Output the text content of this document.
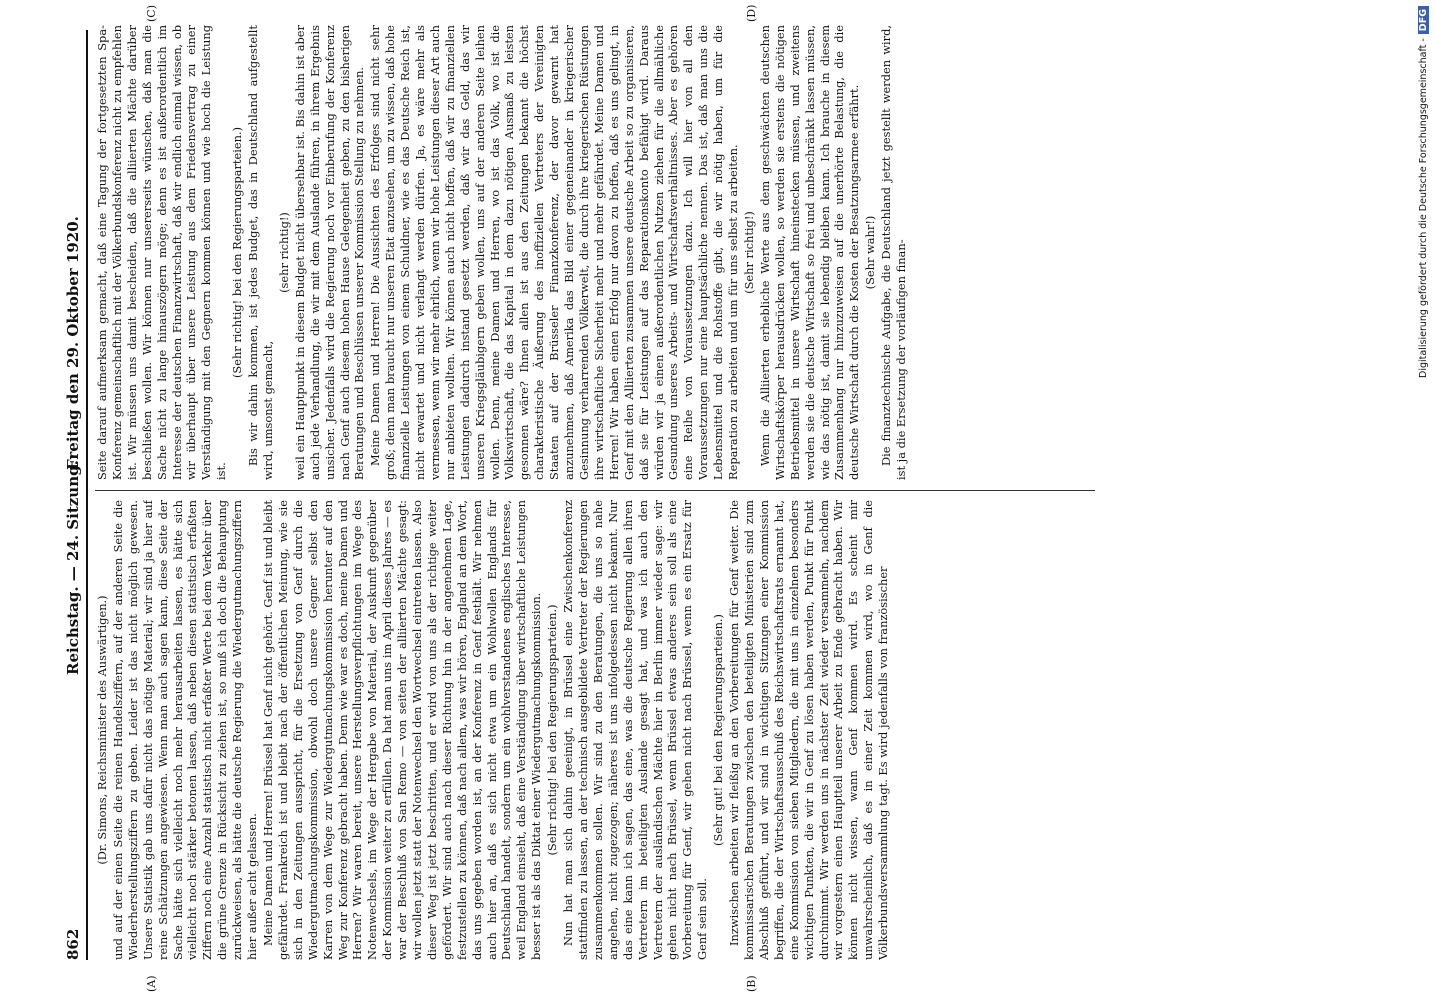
862
Reichstag. — 24. Sitzung.
Freitag den 29. Oktober 1920.
(A)	(B)
(C)	(D)

(Dr. Simons, Reichsminister des Auswärtigen.) und auf der einen Seite die reinen Handelsziffern, auf der anderen Seite die Wiederherstellungsziffern zu geben. Leider ist das nicht möglich gewesen. Unsere Statistik gab uns dafür nicht das nötige Material; wir sind ja hier auf reine Schätzungen angewiesen. Wenn man auch sagen kann, diese Seite der Sache hätte sich vielleicht noch mehr herausarbeiten lassen, es hätte sich vielleicht noch stärker betonen lassen, daß neben diesen statistisch erfaßten Ziffern noch eine Anzahl statistisch nicht erfaßter Werte bei dem Verkehr über die grüne Grenze in Rücksicht zu ziehen ist, so muß ich doch die Behauptung zurückweisen, als hätte die deutsche Regierung die Wiedergutmachungsziffern hier außer acht gelassen. Meine Damen und Herren! Brüssel hat Genf nicht gehört. Genf ist und bleibt gefährdet. Frankreich ist und bleibt nach der öffentlichen Meinung, wie sie sich in den Zeitungen ausspricht, für die Ersetzung von Genf durch die Wiedergutmachungskommission, obwohl doch unsere Gegner selbst den Karren von dem Wege zur Wiedergutmachungskommission herunter auf den Weg zur Konferenz gebracht haben. Denn wie war es doch, meine Damen und Herren? Wir waren bereit, unsere Herstellungsverpflichtungen im Wege des Notenwechsels, im Wege der Hergabe von Material, der Auskunft gegenüber der Kommission weiter zu erfüllen. Da hat man uns im April dieses Jahres — es war der Beschluß von San Remo — von seiten der alliierten Mächte gesagt: wir wollen jetzt statt der Notenwechsel den Wortwechsel eintreten lassen. Also dieser Weg ist jetzt beschritten, und er wird von uns als der richtige weiter gefördert. Wir sind auch nach dieser Richtung hin in der angenehmen Lage, festzustellen zu können, daß nach allem, was wir hören, England an dem Wort, das uns gegeben worden ist, an der Konferenz in Genf festhält. Wir nehmen auch hier an, daß es sich nicht etwa um ein Wohlwollen Englands für Deutschland handelt, sondern um ein wohlverstandenes englisches Interesse, weil England einsieht, daß eine Verständigung über wirtschaftliche Leistungen besser ist als das Diktat einer Wiedergutmachungskommission. (Sehr richtig! bei den Regierungsparteien.) Nun hat man sich dahin geeinigt, in Brüssel eine Zwischenkonferenz stattfinden zu lassen, an der technisch ausgebildete Vertreter der Regierungen zusammenkommen sollen. Wir sind zu den Beratungen, die uns so nahe angehen, nicht zugezogen; näheres ist uns infolgedessen nicht bekannt. Nur das eine kann ich sagen, das eine, was die deutsche Regierung allen ihren Vertretern im beteiligten Auslande gesagt hat, und was ich auch den Vertretern der ausländischen Mächte hier in Berlin immer wieder sage: wir gehen nicht nach Brüssel, wenn Brüssel etwas anderes sein soll als eine Vorbereitung für Genf, wir gehen nicht nach Brüssel, wenn es ein Ersatz für Genf sein soll.

(Sehr gut! bei den Regierungsparteien.) Inzwischen arbeiten wir fleißig an den Vorbereitungen für Genf weiter. Die kommissarischen Beratungen zwischen den beteiligten Ministerien sind zum Abschluß geführt, und wir sind in wichtigen Sitzungen einer Kommission begriffen, die der Wirtschaftsausschuß des Reichswirtschaftsrats ernannt hat, eine Kommission von sieben Mitgliedern, die mit uns in einzelnen besonders wichtigen Punkten, die wir in Genf zu lösen haben werden, Punkt für Punkt durchnimmt. Wir werden uns in nächster Zeit wieder versammeln, nachdem wir vorgestern einen Hauptteil unserer Arbeit zu Ende gebracht haben. Wir können nicht wissen, wann Genf kommen wird. Es scheint mir unwahrscheinlich, daß es in einer Zeit kommen wird, wo in Genf die Völkerbundsversammlung tagt. Es wird jedenfalls von französischer

Seite darauf aufmerksam gemacht, daß eine Tagung der fortgesetzten Spa-Konferenz gemeinschaftlich mit der Völkerbundskonferenz nicht zu empfehlen ist. Wir müssen uns damit bescheiden, daß die alliierten Mächte darüber beschließen wollen. Wir können nur unsererseits wünschen, daß man die Sache nicht zu lange hinauszögern möge; denn es ist außerordentlich im Interesse der deutschen Finanzwirtschaft, daß wir endlich einmal wissen, ob wir überhaupt über unsere Leistung aus dem Friedensvertrag zu einer Verständigung mit den Gegnern kommen können und wie hoch die Leistung ist.

(Sehr richtig! bei den Regierungsparteien.) Bis wir dahin kommen, ist jedes Budget, das in Deutschland aufgestellt wird, umsonst gemacht,

(sehr richtig!) weil ein Hauptpunkt in diesem Budget nicht übersehbar ist. Bis dahin ist aber auch jede Verhandlung, die wir mit dem Auslande führen, in ihrem Ergebnis unsicher. Jedenfalls wird die Regierung noch vor Einberufung der Konferenz nach Genf auch diesem hohen Hause Gelegenheit geben, zu den bisherigen Beratungen und Beschlüssen unserer Kommission Stellung zu nehmen. Meine Damen und Herren! Die Aussichten des Erfolges sind nicht sehr groß; denn man braucht nur unseren Etat anzusehen, um zu wissen, daß hohe finanzielle Leistungen von einem Schuldner, wie es das Deutsche Reich ist, nicht erwartet und nicht verlangt werden dürfen. Ja, es wäre mehr als vermessen, wenn wir mehr ehrlich, wenn wir hohe Leistungen dieser Art auch nur anbieten wollten. Wir können auch nicht hoffen, daß wir zu finanziellen Leistungen dadurch instand gesetzt werden, daß wir das Geld, das wir unseren Kriegsgläubigern geben wollen, uns auf der anderen Seite leihen wollen. Denn, meine Damen und Herren, wo ist das Volk, wo ist die Volkswirtschaft, die das Kapital in dem dazu nötigen Ausmaß zu leisten gesonnen wäre? Ihnen allen ist aus den Zeitungen bekannt die höchst charakteristische Äußerung des inoffiziellen Vertreters der Vereinigten Staaten auf der Brüsseler Finanzkonferenz, der davor gewarnt hat anzunehmen, daß Amerika das Bild einer gegeneinander in kriegerischer Gesinnung verharrenden Völkerwelt, die durch ihre kriegerischen Rüstungen ihre wirtschaftliche Sicherheit mehr und mehr gefährdet. Meine Damen und Herren! Wir haben einen Erfolg nur davon zu hoffen, daß es uns gelingt, in Genf mit den Alliierten zusammen unsere deutsche Arbeit so zu organisieren, daß sie für Leistungen auf das Reparationskonto befähigt wird. Daraus würden wir ja einen außerordentlichen Nutzen ziehen für die allmähliche Gesundung unseres Arbeits- und Wirtschaftsverhältnisses. Aber es gehören eine Reihe von Voraussetzungen dazu. Ich will hier von all den Voraussetzungen nur eine hauptsächliche nennen. Das ist, daß man uns die Lebensmittel und die Rohstoffe gibt, die wir nötig haben, um für die Reparation zu arbeiten und um für uns selbst zu arbeiten. (Sehr richtig!) Wenn die Alliierten erhebliche Werte aus dem geschwächten deutschen Wirtschaftskörper herausdrücken wollen, so werden sie erstens die nötigen Betriebsmittel in unsere Wirtschaft hineinstecken müssen, und zweitens werden sie die deutsche Wirtschaft so frei und unbeschränkt lassen müssen, wie das nötig ist, damit sie lebendig bleiben kann. Ich brauche in diesem Zusammenhang nur hinzuzuweisen auf die unerhörte Belastung, die die deutsche Wirtschaft durch die Kosten der Besatzungsarmee erfährt. (Sehr wahr!) Die finanztechnische Aufgabe, die Deutschland jetzt gestellt werden wird, ist ja die Ersetzung der vorläufigen finan-	Digitalisierung gefördert durch die Deutsche Forschungsgemeinschaft -DFG
